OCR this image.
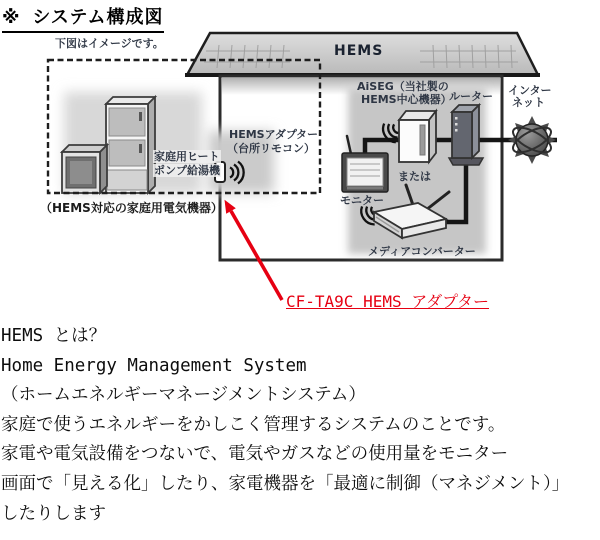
※ システム構成図
下図はイメージです。	HEMS
AiSEG（当社製の
HEMS中心機器）
ルーター インター
ネット
HEMSアダプター
（台所リモコン）
モニター
または
メディアコンバーター
家庭用ヒート
ポンプ給湯機
（HEMS対応の家庭用電気機器）
CF-TA9C HEMS アダプター

HEMS とは？

Home Energy Management System

（ホームエネルギーマネージメントシステム）

家庭で使うエネルギーをかしこく管理するシステムのことです。

家電や電気設備をつないで、電気やガスなどの使用量をモニター

画面で「見える化」したり、家電機器を「最適に制御（マネジメント）」

したりします
